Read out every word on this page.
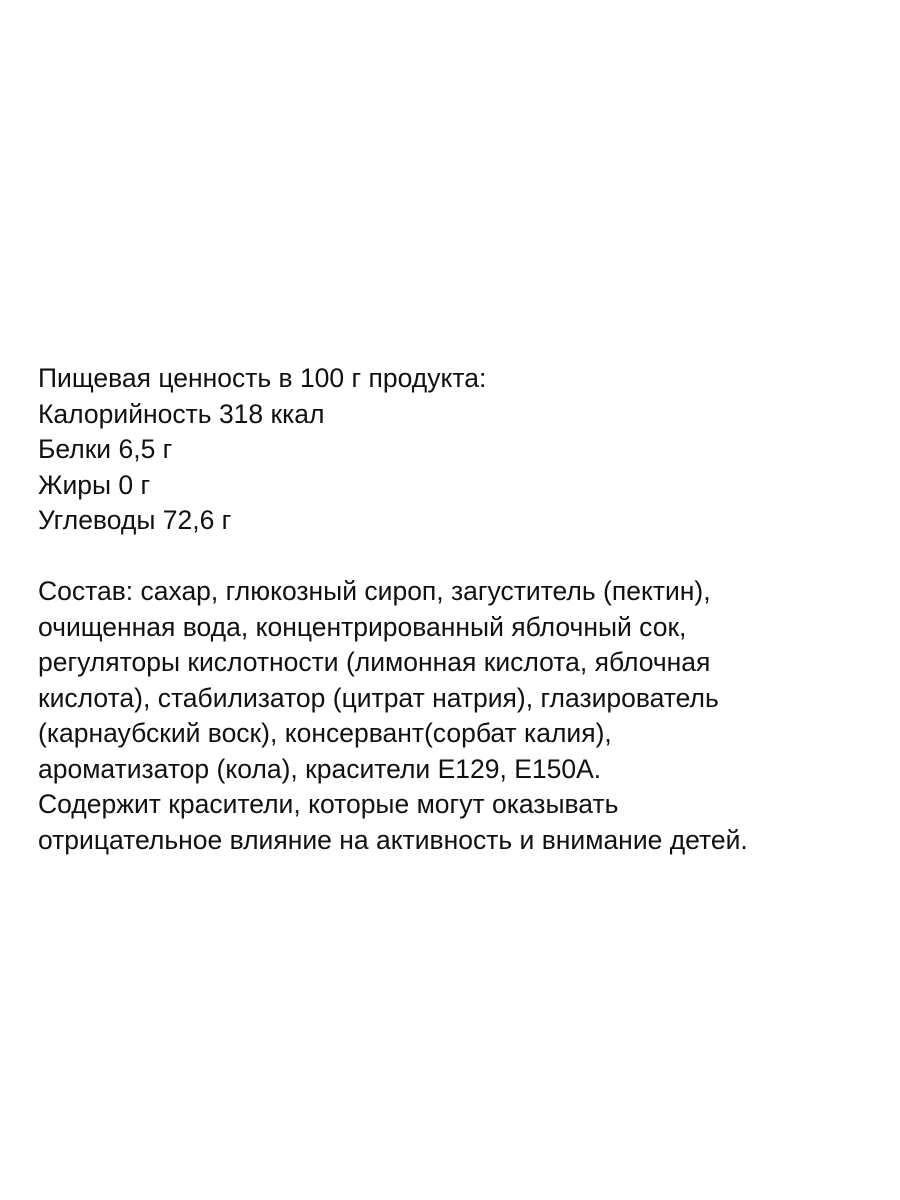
Пищевая ценность в 100 г продукта:
Калорийность 318 ккал
Белки 6,5 г
Жиры 0 г
Углеводы 72,6 г
Состав: сахар, глюкозный сироп, загуститель (пектин),
очищенная вода, концентрированный яблочный сок,
регуляторы кислотности (лимонная кислота, яблочная
кислота), стабилизатор (цитрат натрия), глазирователь
(карнаубский воск), консервант(сорбат калия),
ароматизатор (кола), красители Е129, Е150А.
Содержит красители, которые могут оказывать
отрицательное влияние на активность и внимание детей.
